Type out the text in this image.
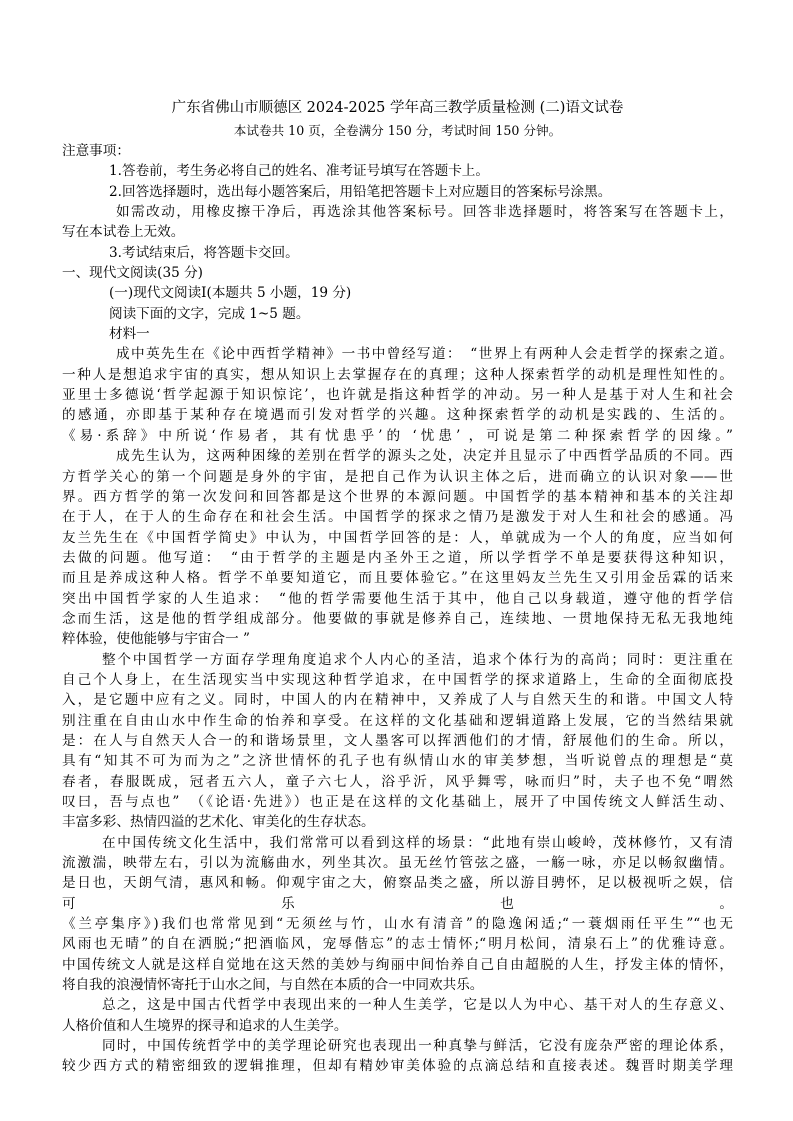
广东省佛山市顺德区 2024-2025 学年高三教学质量检测 (二)语文试卷
本试卷共 10 页，全卷满分 150 分，考试时间 150 分钟。
注意事项：
1.答卷前，考生务必将自己的姓名、准考证号填写在答题卡上。
2.回答选择题时，选出每小题答案后，用铅笔把答题卡上对应题目的答案标号涂黑。
如需改动，用橡皮擦干净后，再选涂其他答案标号。回答非选择题时，将答案写在答题卡上，
写在本试卷上无效。
3.考试结束后，将答题卡交回。
一、现代文阅读(35 分)
(一)现代文阅读Ⅰ(本题共 5 小题，19 分)
阅读下面的文字，完成 1~5 题。
材料一
成中英先生在《论中西哲学精神》一书中曾经写道：　“世界上有两种人会走哲学的探索之道。
一种人是想追求宇宙的真实，想从知识上去掌握存在的真理；这种人探索哲学的动机是理性知性的。
亚里士多德说‘哲学起源于知识惊诧’，也许就是指这种哲学的冲动。另一种人是基于对人生和社会
的感通，亦即基于某种存在境遇而引发对哲学的兴趣。这种探索哲学的动机是实践的、生活的。
《易·系辞》中所说‘作易者，其有忧患乎’的 ‘忧患’ ，可说是第二种探索哲学的因缘。”
成先生认为，这两种困缘的差别在哲学的源头之处，决定并且显示了中西哲学品质的不同。西
方哲学关心的第一个问题是身外的宇宙，是把自己作为认识主体之后，进而确立的认识对象——世
界。西方哲学的第一次发问和回答都是这个世界的本源问题。中国哲学的基本精神和基本的关注却
在于人，在于人的生命存在和社会生活。中国哲学的探求之情乃是激发于对人生和社会的感通。冯
友兰先生在《中国哲学简史》中认为，中国哲学回答的是：人，单就成为一个人的角度，应当如何
去做的问题。他写道：　“由于哲学的主题是内圣外王之道，所以学哲学不单是要获得这种知识，
而且是养成这种人格。哲学不单要知道它，而且要体验它。”在这里妈友兰先生又引用金岳霖的话来
突出中国哲学家的人生追求：　“他的哲学需要他生活于其中，他自己以身载道，遵守他的哲学信
念而生活，这是他的哲学组成部分。他要做的事就是修养自己，连续地、一贯地保持无私无我地纯
粹体验，使他能够与宇宙合一 ”
整个中国哲学一方面存学理角度追求个人内心的圣洁，追求个体行为的高尚；同时：更注重在
自己个人身上，在生活现实当中实现这种哲学追求，在中国哲学的探求道路上，生命的全面彻底投
入，是它题中应有之义。同时，中国人的内在精神中，又养成了人与自然天生的和谐。中国文人特
别注重在自由山水中作生命的怡养和享受。在这样的文化基础和逻辑道路上发展，它的当然结果就
是：在人与自然天人合一的和谐场景里，文人墨客可以挥洒他们的才情，舒展他们的生命。所以，
具有“知其不可为而为之”之济世情怀的孔子也有纵情山水的审美梦想，当听说曾点的理想是“莫
春者，春服既成，冠者五六人，童子六七人，浴乎沂，风乎舞雩，咏而归”时，夫子也不免“喟然
叹曰，吾与点也”　（《论语·先进》）也正是在这样的文化基础上，展开了中国传统文人鲜活生动、
丰富多彩、热情四溢的艺术化、审美化的生存状态。
在中国传统文化生活中，我们常常可以看到这样的场景：“此地有崇山峻岭，茂林修竹，又有清
流激湍，映带左右，引以为流觞曲水，列坐其次。虽无丝竹管弦之盛，一觞一咏，亦足以畅叙幽情。
是日也，天朗气清，惠风和畅。仰观宇宙之大，俯察品类之盛，所以游目骋怀，足以极视听之娱，信
可	乐	也	。
《兰亭集序》)我们也常常见到“无须丝与竹，山水有清音”的隐逸闲适;“一蓑烟雨任平生”“也无
风雨也无晴”的自在洒脱;“把酒临风，宠辱偕忘”的志士情怀;“明月松间，清泉石上”的优雅诗意。
中国传统文人就是这样自觉地在这天然的美妙与绚丽中间怡养自己自由超脱的人生，抒发主体的情怀，
将自我的浪漫情怀寄托于山水之间，与自然在本质的合一中同欢共乐。
总之，这是中国古代哲学中表现出来的一种人生美学，它是以人为中心、基干对人的生存意义、
人格价值和人生境界的探寻和追求的人生美学。
同时，中国传统哲学中的美学理论研究也表现出一种真挚与鲜活，它没有庞杂严密的理论体系，
较少西方式的精密细致的逻辑推理，但却有精妙审美体验的点滴总结和直接表述。魏晋时期美学理
